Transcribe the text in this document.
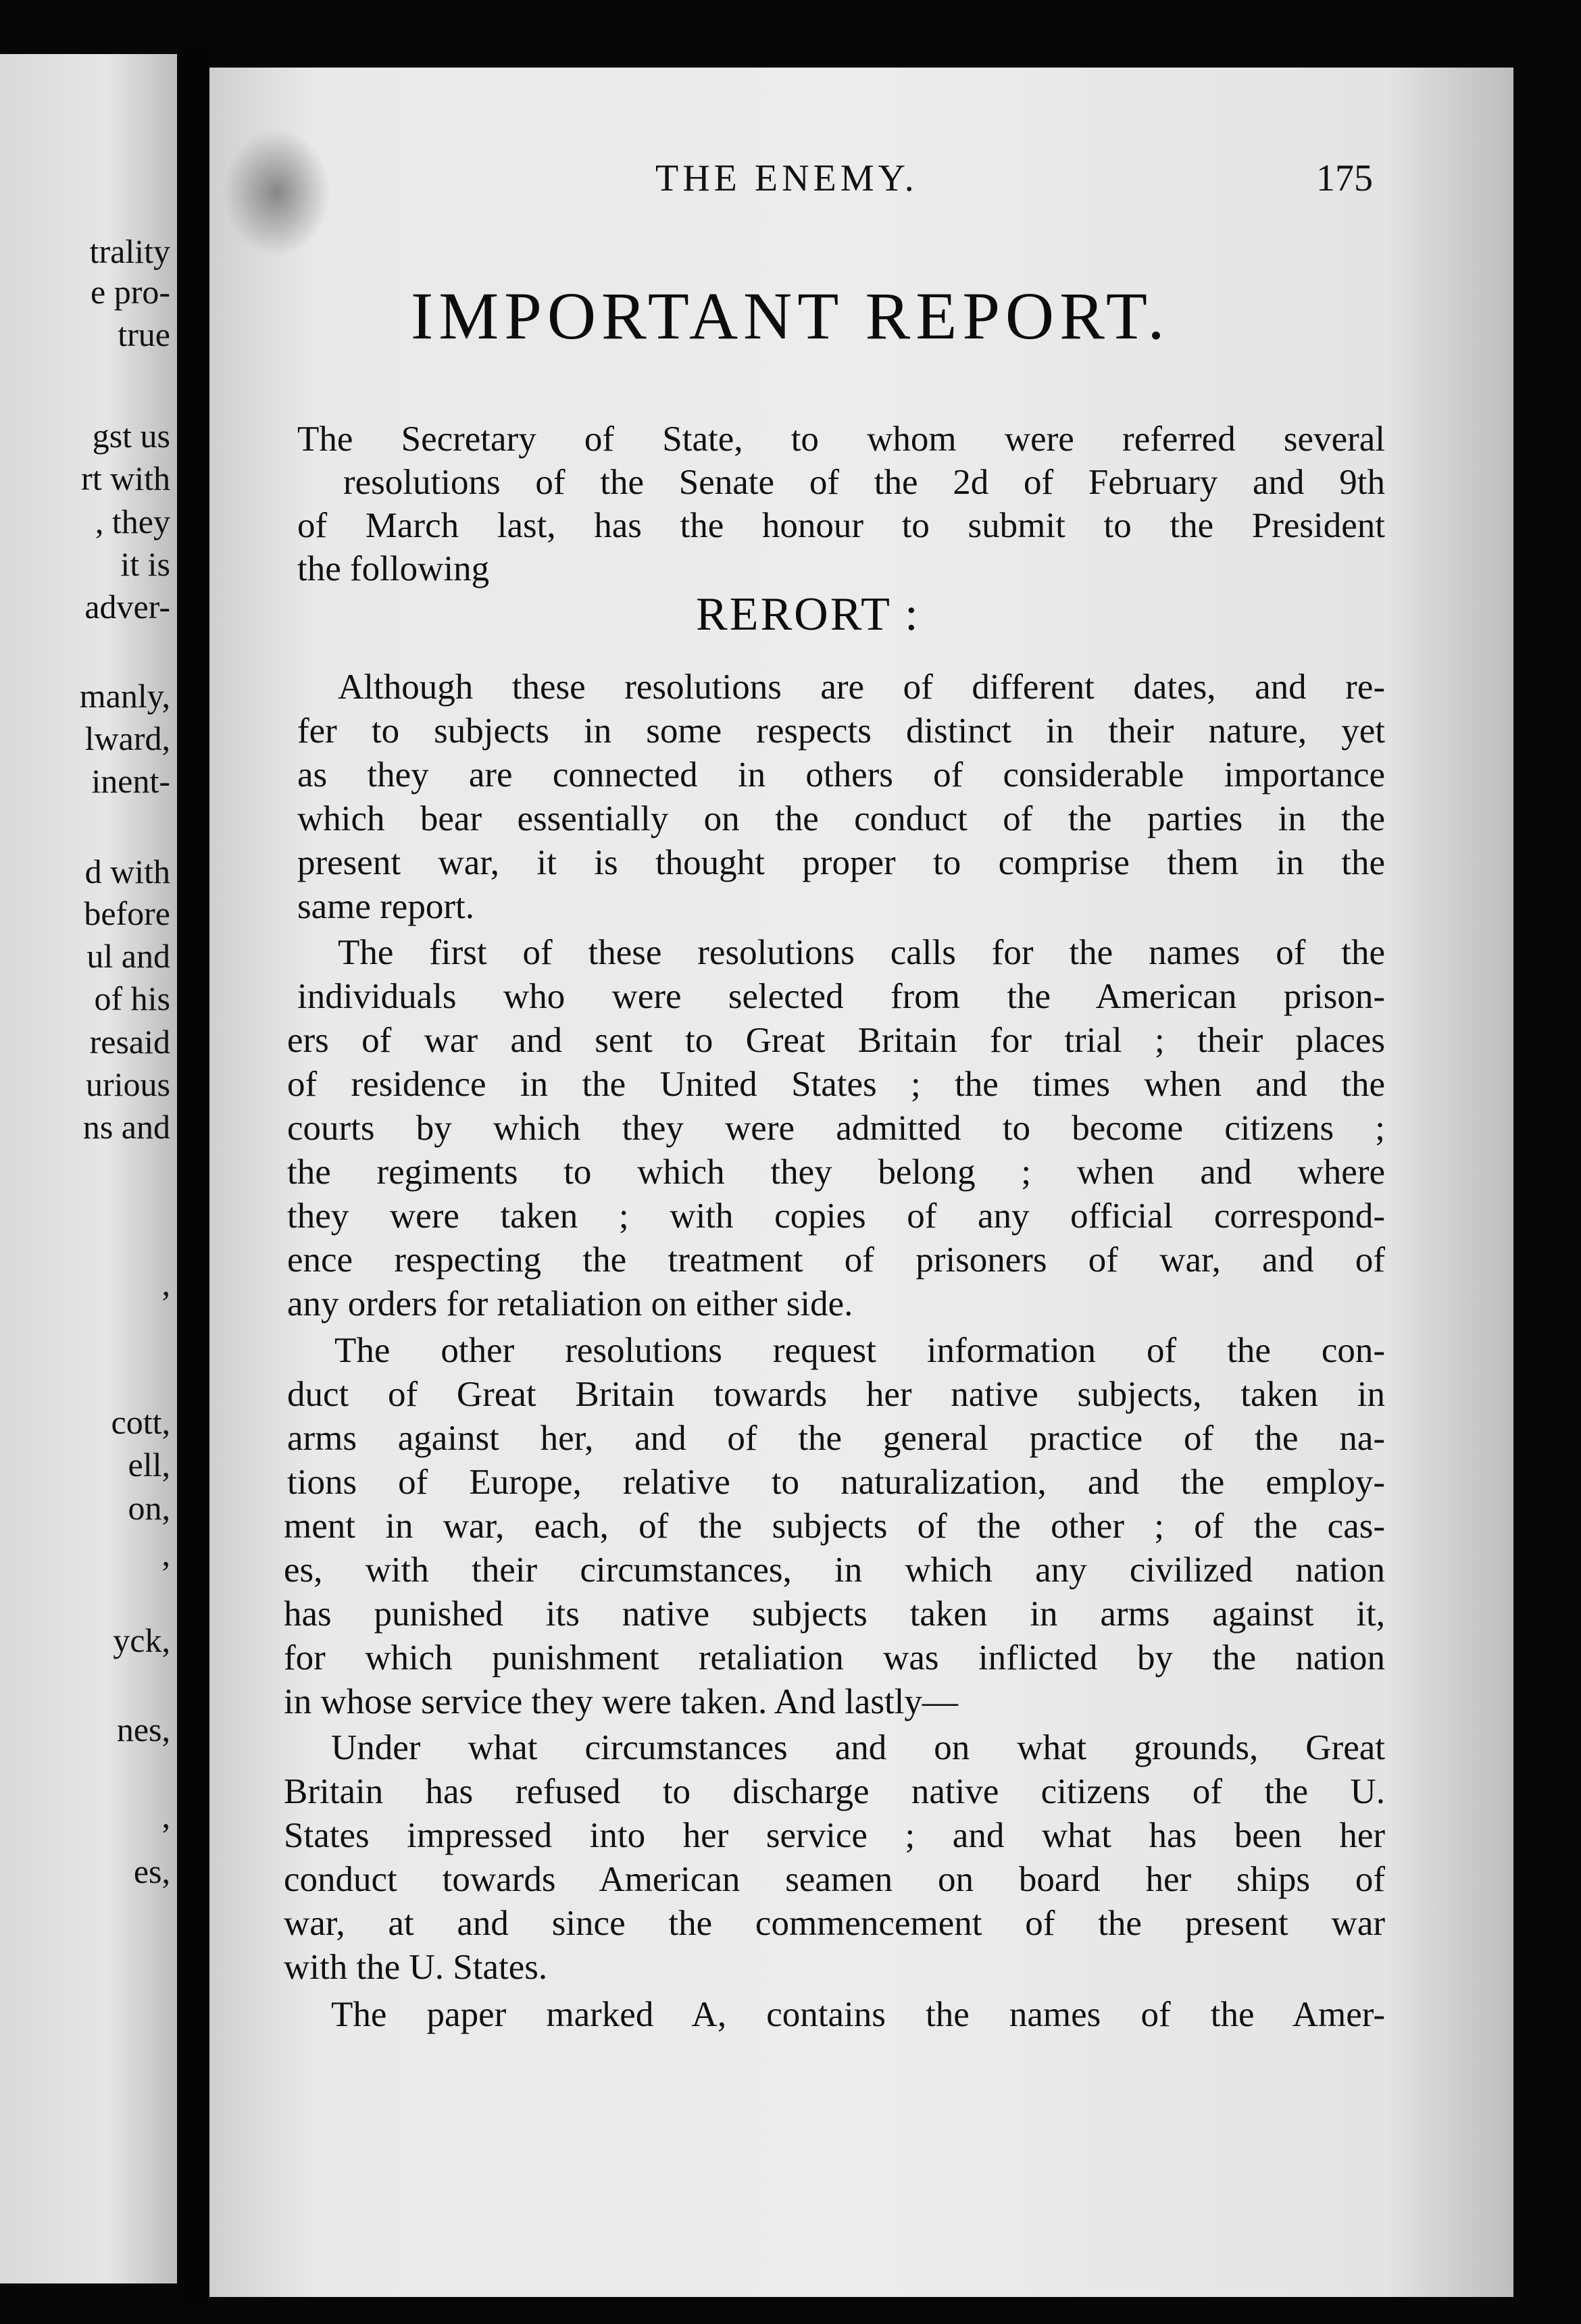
trality
e pro-
true
gst us
rt with
, they
it is
adver-
manly,
lward,
inent-
d with
before
ul and
of his
resaid
urious
ns and
,
cott,
ell,
on,
,
yck,
nes,
,
es,
THE ENEMY.	175
IMPORTANT REPORT.
The Secretary of State, to whom were referred several
resolutions of the Senate of the 2d of February and 9th
of March last, has the honour to submit to the President
the following
RERORT :
Although these resolutions are of different dates, and re-
fer to subjects in some respects distinct in their nature, yet
as they are connected in others of considerable importance
which bear essentially on the conduct of the parties in the
present war, it is thought proper to comprise them in the
same report.
The first of these resolutions calls for the names of the
individuals who were selected from the American prison-
ers of war and sent to Great Britain for trial ; their places
of residence in the United States ; the times when and the
courts by which they were admitted to become citizens ;
the regiments to which they belong ; when and where
they were taken ; with copies of any official correspond-
ence respecting the treatment of prisoners of war, and of
any orders for retaliation on either side.
The other resolutions request information of the con-
duct of Great Britain towards her native subjects, taken in
arms against her, and of the general practice of the na-
tions of Europe, relative to naturalization, and the employ-
ment in war, each, of the subjects of the other ; of the cas-
es, with their circumstances, in which any civilized nation
has punished its native subjects taken in arms against it,
for which punishment retaliation was inflicted by the nation
in whose service they were taken. And lastly—
Under what circumstances and on what grounds, Great
Britain has refused to discharge native citizens of the U.
States impressed into her service ; and what has been her
conduct towards American seamen on board her ships of
war, at and since the commencement of the present war
with the U. States.
The paper marked A, contains the names of the Amer-
